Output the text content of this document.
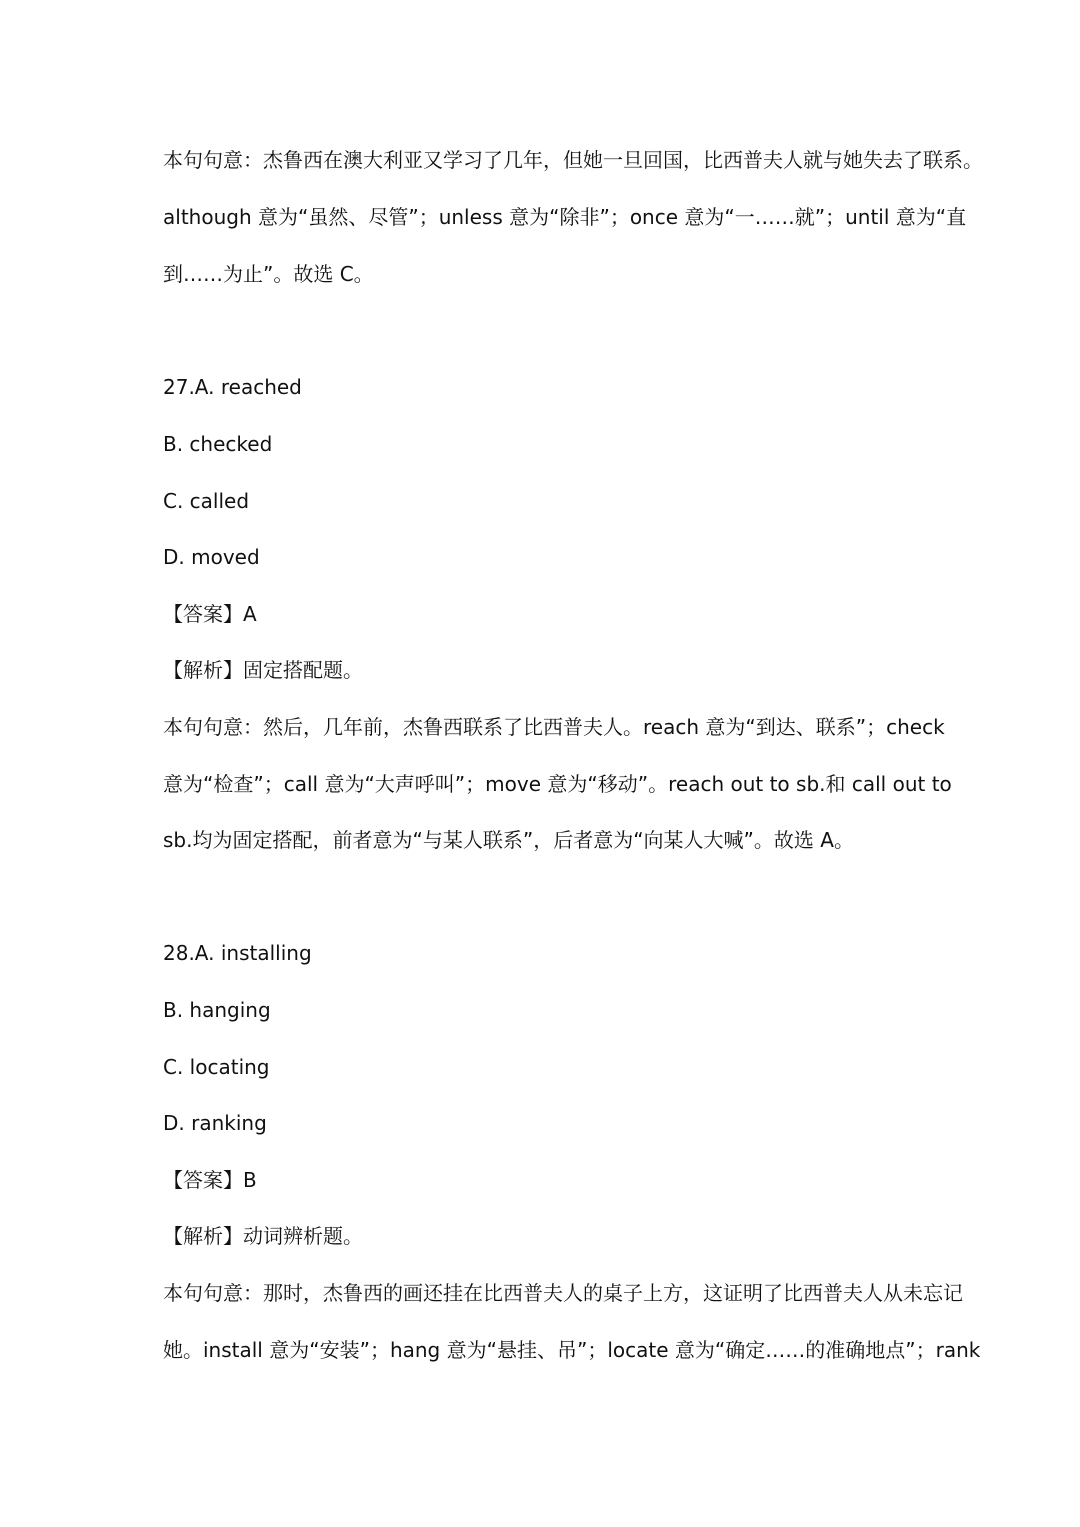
本句句意：杰鲁西在澳大利亚又学习了几年，但她一旦回国，比西普夫人就与她失去了联系。
although 意为“虽然、尽管”；unless 意为“除非”；once 意为“一……就”；until 意为“直
到……为止”。故选 C。
27.A. reached
B. checked
C. called
D. moved
【答案】A
【解析】固定搭配题。
本句句意：然后，几年前，杰鲁西联系了比西普夫人。reach 意为“到达、联系”；check
意为“检查”；call 意为“大声呼叫”；move 意为“移动”。reach out to sb.和 call out to
sb.均为固定搭配，前者意为“与某人联系”，后者意为“向某人大喊”。故选 A。
28.A. installing
B. hanging
C. locating
D. ranking
【答案】B
【解析】动词辨析题。
本句句意：那时，杰鲁西的画还挂在比西普夫人的桌子上方，这证明了比西普夫人从未忘记
她。install 意为“安装”；hang 意为“悬挂、吊”；locate 意为“确定……的准确地点”；rank
